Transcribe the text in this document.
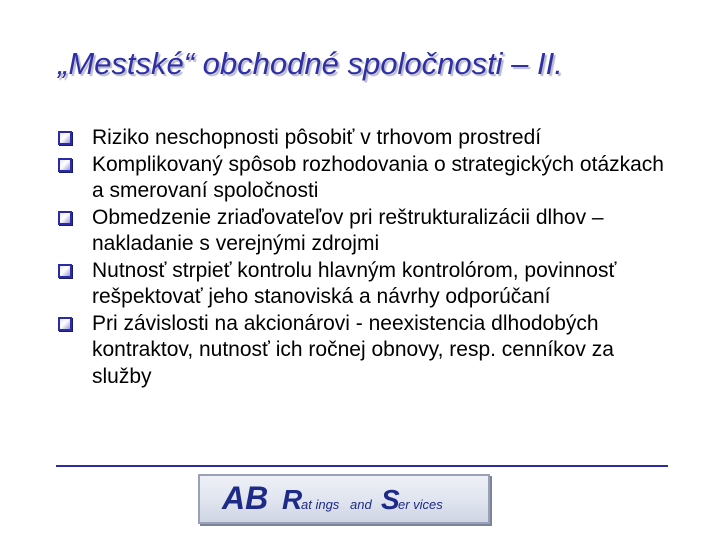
„Mestské“ obchodné spoločnosti – II.
Riziko neschopnosti pôsobiť v trhovom prostredí
Komplikovaný spôsob rozhodovania o strategických otázkach a smerovaní spoločnosti
Obmedzenie zriaďovateľov pri reštrukturalizácii dlhov – nakladanie s verejnými zdrojmi
Nutnosť strpieť kontrolu hlavným kontrolórom, povinnosť rešpektovať jeho stanoviská a návrhy odporúčaní
Pri závislosti na akcionárovi - neexistencia dlhodobých kontraktov, nutnosť ich ročnej obnovy, resp. cenníkov za služby
AB R
at ings and S
er vices
